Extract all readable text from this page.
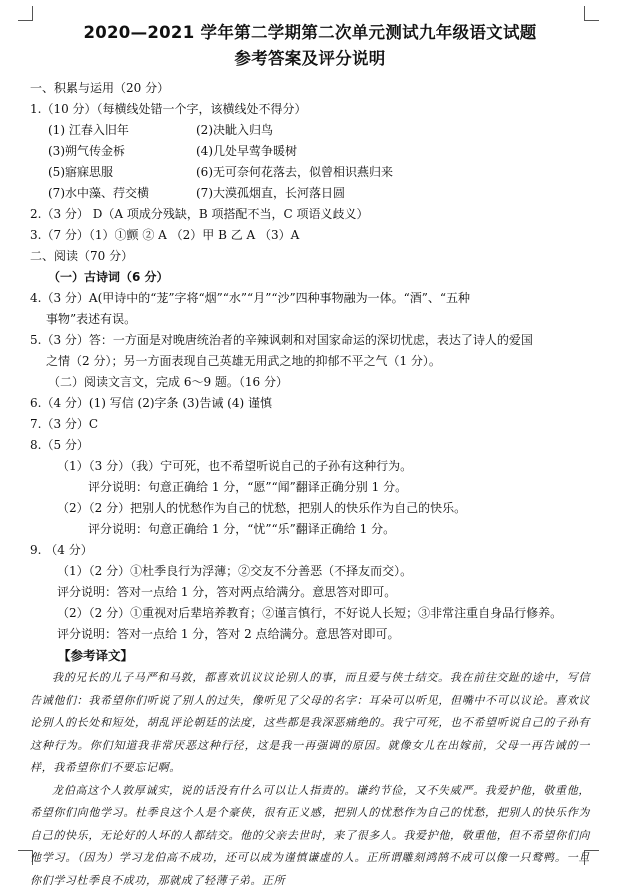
2020—2021 学年第二学期第二次单元测试九年级语文试题
参考答案及评分说明
一、积累与运用（20 分）
1.（10 分）（每横线处错一个字，该横线处不得分）
(1) 江春入旧年	(2)决眦入归鸟
(3)朔气传金柝	(4)几处早莺争暖树
(5)寤寐思服	(6)无可奈何花落去，似曾相识燕归来
(7)水中藻、荇交横	(7)大漠孤烟直，长河落日圆
2.（3 分） D（A 项成分残缺，B 项搭配不当，C 项语义歧义）
3.（7 分）（1）①颤 ② A （2）甲 B 乙 A （3）A
二、阅读（70 分）
（一）古诗词（6 分）
4.（3 分）A(甲诗中的“茏”字将“烟”“水”“月”“沙”四种事物融为一体。“酒”、“五种
事物”表述有误。
5.（3 分）答：一方面是对晚唐统治者的辛辣讽刺和对国家命运的深切忧虑，表达了诗人的爱国
之情（2 分）；另一方面表现自己英雄无用武之地的抑郁不平之气（1 分）。
（二）阅读文言文，完成 6～9 题。（16 分）
6.（4 分）(1) 写信 (2)字条 (3)告诫 (4) 谨慎
7.（3 分）C
8.（5 分）
（1）（3 分）（我）宁可死，也不希望听说自己的子孙有这种行为。
评分说明：句意正确给 1 分，“愿”“闻”翻译正确分别 1 分。
（2）（2 分）把别人的忧愁作为自己的忧愁，把别人的快乐作为自己的快乐。
评分说明：句意正确给 1 分，“忧”“乐”翻译正确给 1 分。
9. （4 分）
（1）（2 分）①杜季良行为浮薄；②交友不分善恶（不择友而交）。
评分说明：答对一点给 1 分，答对两点给满分。意思答对即可。
（2）（2 分）①重视对后辈培养教育；②谨言慎行，不好说人长短；③非常注重自身品行修养。
评分说明：答对一点给 1 分，答对 2 点给满分。意思答对即可。
【参考译文】

我的兄长的儿子马严和马敦，都喜欢讥议议论别人的事，而且爱与侠士结交。我在前往交趾的途中，写信告诫他们：我希望你们听说了别人的过失，像听见了父母的名字：耳朵可以听见，但嘴中不可以议论。喜欢议论别人的长处和短处，胡乱评论朝廷的法度，这些都是我深恶痛绝的。我宁可死，也不希望听说自己的子孙有这种行为。你们知道我非常厌恶这种行径，这是我一再强调的原因。就像女儿在出嫁前，父母一再告诫的一样，我希望你们不要忘记啊。

龙伯高这个人敦厚诚实，说的话没有什么可以让人指责的。谦约节俭，又不失威严。我爱护他，敬重他，希望你们向他学习。杜季良这个人是个豪侠，很有正义感，把别人的忧愁作为自己的忧愁，把别人的快乐作为自己的快乐，无论好的人坏的人都结交。他的父亲去世时，来了很多人。我爱护他，敬重他，但不希望你们向他学习。（因为）学习龙伯高不成功，还可以成为谨慎谦虚的人。正所谓雕刻鸿鹄不成可以像一只鹜鸭。一旦你们学习杜季良不成功，那就成了轻薄子弟。正所
